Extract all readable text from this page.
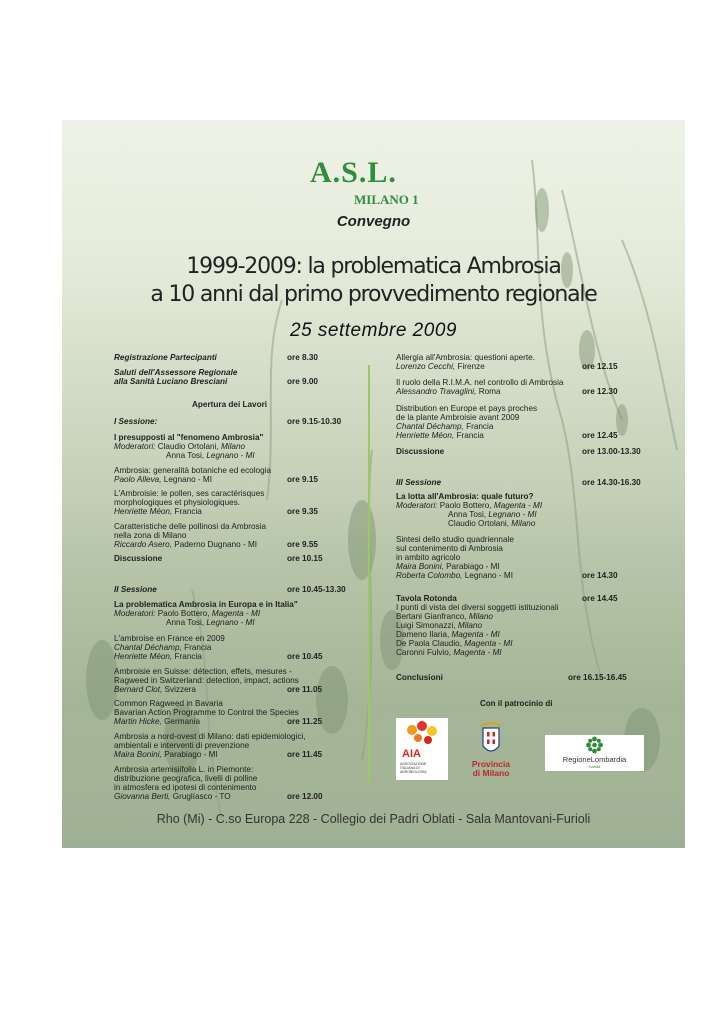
A.S.L.
MILANO 1
Convegno
1999-2009: la problematica Ambrosia
a 10 anni dal primo provvedimento regionale
25 settembre 2009
Registrazione Partecipanti	ore 8.30
Saluti dell'Assessore Regionale
alla Sanità Luciano Bresciani	ore 9.00
Apertura dei Lavori
I Sessione:	ore 9.15-10.30
I presupposti al "fenomeno Ambrosia"
Moderatori: Claudio Ortolani, Milano
Anna Tosi, Legnano - MI
Ambrosia: generalità botaniche ed ecologia
Paolo Alleva, Legnano - MI	ore 9.15
L'Ambroisie: le pollen, ses caractérisques
morphologiques et physiologiques.
Henriette Méon, Francia	ore 9.35
Caratteristiche delle pollinosi da Ambrosia
nella zona di Milano
Riccardo Asero, Paderno Dugnano - MI	ore 9.55
Discussione	ore 10.15
II Sessione	ore 10.45-13.30
La problematica Ambrosia in Europa e in Italia"
Moderatori: Paolo Bottero, Magenta - MI
Anna Tosi, Legnano - MI
L'ambroise en France en 2009
Chantal Déchamp, Francia
Henriette Méon, Francia	ore 10.45
Ambroisie en Suisse: détection, effets, mesures -
Ragweed in Switzerland: detection, impact, actions
Bernard Clot, Svizzera	ore 11.05
Common Ragweed in Bavaria
Bavarian Action Programme to Control the Species
Martin Hicke, Germania	ore 11.25
Ambrosia a nord-ovest di Milano: dati epidemiologici,
ambientali e interventi di prevenzione
Maira Bonini, Parabiago - MI	ore 11.45
Ambrosia artemisiifolia L. in Piemonte:
distribuzione geografica, livelli di polline
in atmosfera ed ipotesi di contenimento
Giovanna Berti, Gruglíasco - TO	ore 12.00
Allergia all'Ambrosia: questioni aperte.
Lorenzo Cecchi, Firenze	ore 12.15
Il ruolo della R.I.M.A. nel controllo di Ambrosia
Alessandro Travaglini, Roma	ore 12.30
Distribution en Europe et pays proches
de la plante Ambroisie avant 2009
Chantal Déchamp, Francia
Henriette Méon, Francia	ore 12.45
Discussione	ore 13.00-13.30
III Sessione	ore 14.30-16.30
La lotta all'Ambrosia: quale futuro?
Moderatori: Paolo Bottero, Magenta - MI
Anna Tosi, Legnano - MI
Claudio Ortolani, Milano
Sintesi dello studio quadriennale
sul contenimento di Ambrosia
in ambito agricolo
Maira Bonini, Parabiago - MI
Roberta Colombo, Legnano - MI	ore 14.30
Tavola Rotonda	ore 14.45
I punti di vista dei diversi soggetti istituzionali
Bertani Gianfranco, Milano
Luigi Simonazzi, Milano
Dameno Ilaria, Magenta - MI
De Paola Claudio, Magenta - MI
Caronni Fulvio, Magenta - MI
Conclusioni	ore 16.15-16.45
Con il patrocinio di
AIA
ASSOCIAZIONE
ITALIANA DI
AEROBIOLOGIA
Provincia
di Milano
RegioneLombardia
Sanità
Rho (Mi) - C.so Europa 228 - Collegio dei Padri Oblati - Sala Mantovani-Furioli
